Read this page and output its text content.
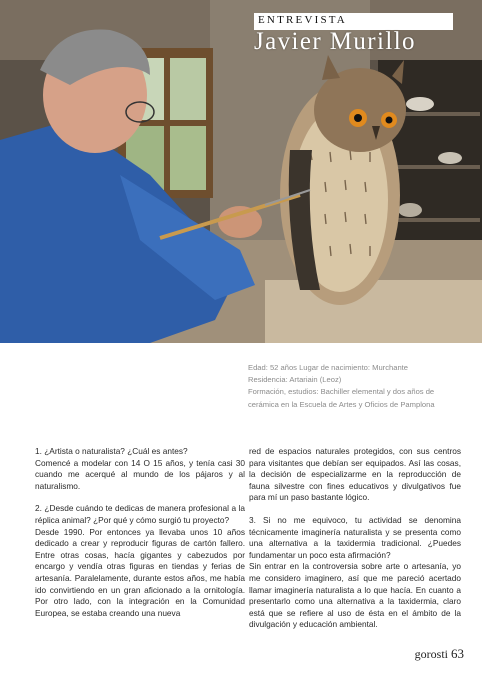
ENTREVISTA
Javier Murillo
Edad: 52 años Lugar de nacimiento: Murchante
Residencia: Artariain (Leoz)
Formación, estudios: Bachiller elemental y dos años de
cerámica en la Escuela de Artes y Oficios de Pamplona

1. ¿Artista o naturalista? ¿Cuál es antes?
Comencé a modelar con 14 O 15 años, y tenía casi 30 cuando me acerqué al mundo de los pájaros y al naturalismo.

2. ¿Desde cuándo te dedicas de manera profesional a la réplica animal? ¿Por qué y cómo surgió tu proyecto?
Desde 1990. Por entonces ya llevaba unos 10 años dedicado a crear y reproducir figuras de cartón fallero. Entre otras cosas, hacía gigantes y cabezudos por encargo y vendía otras figuras en tiendas y ferias de artesanía. Paralelamente, durante estos años, me había ido convirtiendo en un gran aficionado a la ornitología. Por otro lado, con la integración en la Comunidad Europea, se estaba creando una nueva

red de espacios naturales protegidos, con sus centros para visitantes que debían ser equipados. Así las cosas, la decisión de especializarme en la reproducción de fauna silvestre con fines educativos y divulgativos fue para mí un paso bastante lógico.

3. Si no me equivoco, tu actividad se denomina técnicamente imaginería naturalista y se presenta como una alternativa a la taxidermia tradicional. ¿Puedes fundamentar un poco esta afirmación?
Sin entrar en la controversia sobre arte o artesanía, yo me considero imaginero, así que me pareció acertado llamar imaginería naturalista a lo que hacía. En cuanto a presentarlo como una alternativa a la taxidermia, claro está que se refiere al uso de ésta en el ámbito de la divulgación y educación ambiental.

gorosti 63
